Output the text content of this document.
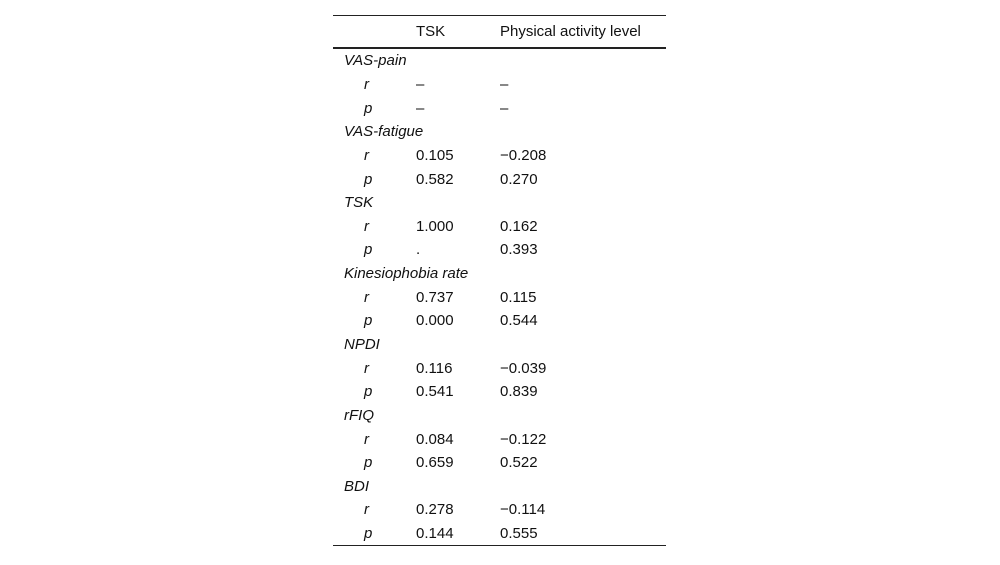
	TSK	Physical activity level
VAS-pain		
r	–	–
p	–	–
VAS-fatigue		
r	0.105	−0.208
p	0.582	0.270
TSK		
r	1.000	0.162
p	.	0.393
Kinesiophobia rate		
r	0.737	0.115
p	0.000	0.544
NPDI		
r	0.116	−0.039
p	0.541	0.839
rFIQ		
r	0.084	−0.122
p	0.659	0.522
BDI		
r	0.278	−0.114
p	0.144	0.555
